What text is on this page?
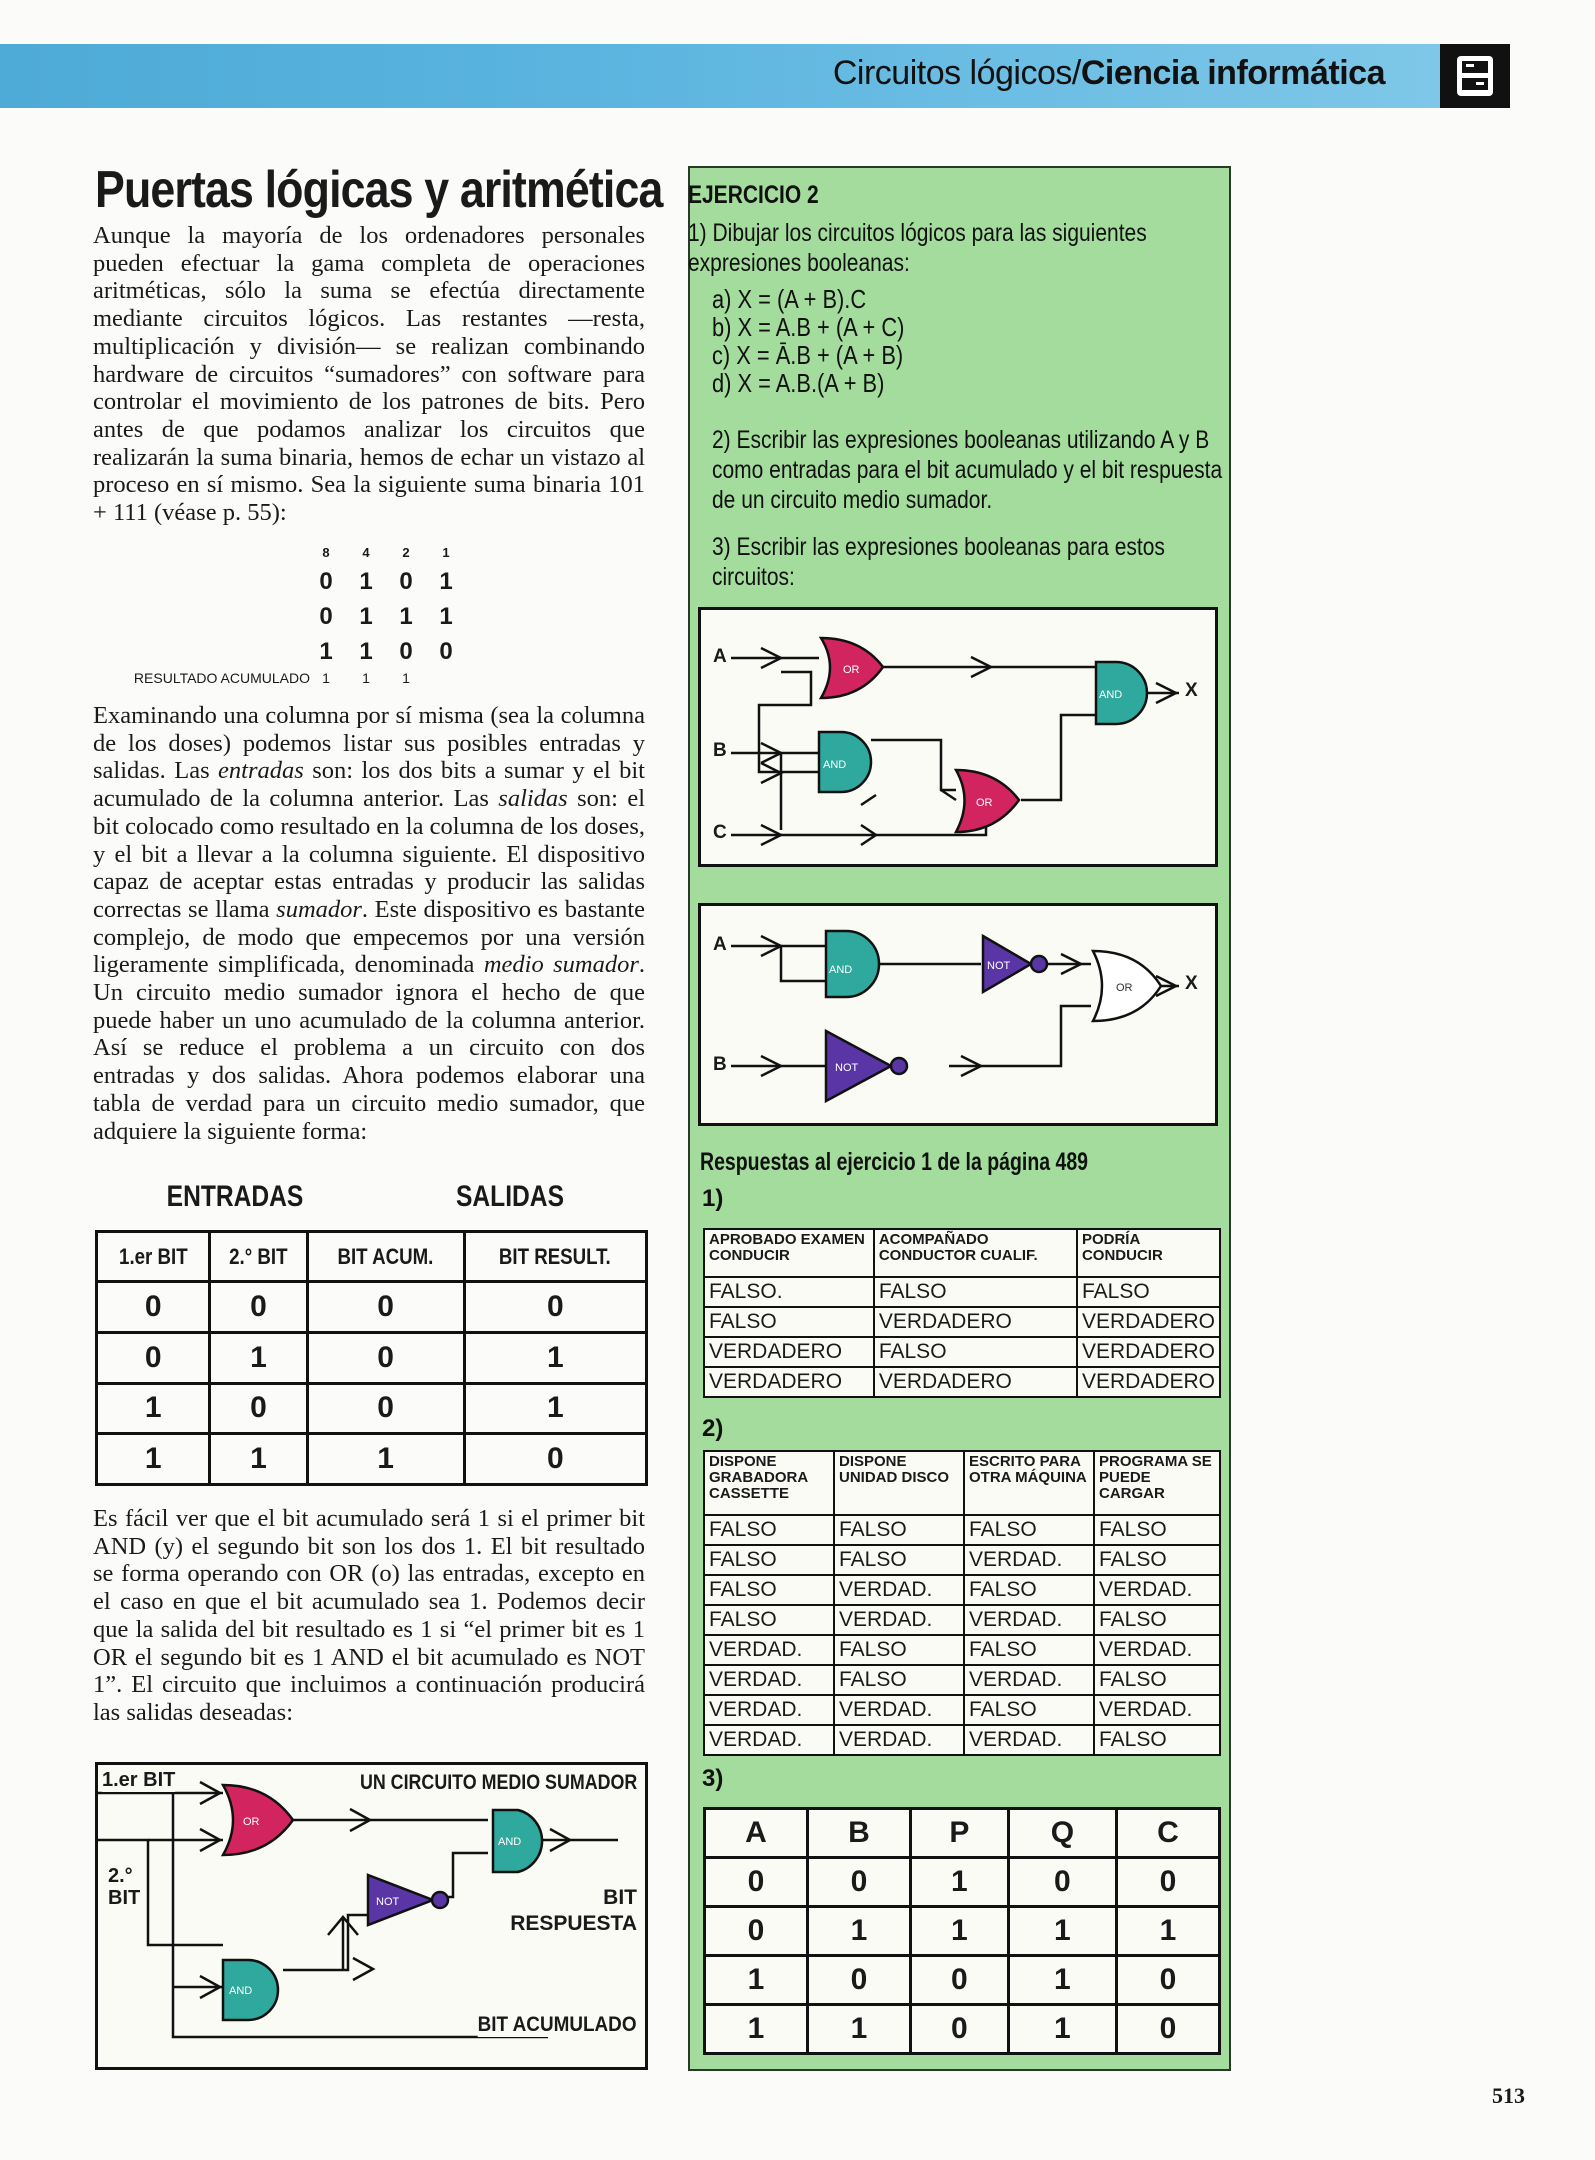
Circuitos lógicos/Ciencia informática
Puertas lógicas y aritmética
Aunque la mayoría de los ordenadores personales pueden efectuar la gama completa de operaciones aritméticas, sólo la suma se efectúa directamente mediante circuitos lógicos. Las restantes —resta, multiplicación y división— se realizan combinando hardware de circuitos “sumadores” con software para controlar el movimiento de los patrones de bits. Pero antes de que podamos analizar los circuitos que realizarán la suma binaria, hemos de echar un vistazo al proceso en sí mismo. Sea la siguiente suma binaria 101 + 111 (véase p. 55):
8	4	2	1
0 1 0 1
0 1 1 1
1 1 0 0
RESULTADO ACUMULADO 1	1	1
Examinando una columna por sí misma (sea la columna de los doses) podemos listar sus posibles entradas y salidas. Las entradas son: los dos bits a sumar y el bit acumulado de la columna anterior. Las salidas son: el bit colocado como resultado en la columna de los doses, y el bit a llevar a la columna siguiente. El dispositivo capaz de aceptar estas entradas y producir las salidas correctas se llama sumador. Este dispositivo es bastante complejo, de modo que empecemos por una versión ligeramente simplificada, denominada medio sumador. Un circuito medio sumador ignora el hecho de que puede haber un uno acumulado de la columna anterior. Así se reduce el problema a un circuito con dos entradas y dos salidas. Ahora podemos elaborar una tabla de verdad para un circuito medio sumador, que adquiere la siguiente forma:
ENTRADAS	SALIDAS
1.er BIT	2.° BIT	BIT ACUM.	BIT RESULT.
0	0	0	0
0	1	0	1
1	0	0	1
1	1	1	0
Es fácil ver que el bit acumulado será 1 si el primer bit AND (y) el segundo bit son los dos 1. El bit resultado se forma operando con OR (o) las entradas, excepto en el caso en que el bit acumulado sea 1. Podemos decir que la salida del bit resultado es 1 si “el primer bit es 1 OR el segundo bit es 1 AND el bit acumulado es NOT 1”. El circuito que incluimos a continuación producirá las salidas deseadas:
OR
AND
NOT
AND
1.er BIT
2.°
BIT
UN CIRCUITO MEDIO SUMADOR
BIT
RESPUESTA
BIT ACUMULADO
EJERCICIO 2
1) Dibujar los circuitos lógicos para las siguientes expresiones booleanas:
a) X = (A + B).C
b) X = A.B + (A + C)
c) X = Ā.B + (A + B)
d) X = A.B.(A + B)
2) Escribir las expresiones booleanas utilizando A y B como entradas para el bit acumulado y el bit respuesta de un circuito medio sumador.
3) Escribir las expresiones booleanas para estos circuitos:
OR
AND
OR
AND
A
B
C
X
AND	NOT
NOT
OR
A
B
X
Respuestas al ejercicio 1 de la página 489
1)
APROBADO EXAMEN CONDUCIR	ACOMPAÑADO CONDUCTOR CUALIF.	PODRÍA CONDUCIR
FALSO.	FALSO	FALSO
FALSO	VERDADERO	VERDADERO
VERDADERO	FALSO	VERDADERO
VERDADERO	VERDADERO	VERDADERO
2)
DISPONE GRABADORA CASSETTE	DISPONE UNIDAD DISCO	ESCRITO PARA OTRA MÁQUINA	PROGRAMA SE PUEDE CARGAR
FALSO	FALSO	FALSO	FALSO
FALSO	FALSO	VERDAD.	FALSO
FALSO	VERDAD.	FALSO	VERDAD.
FALSO	VERDAD.	VERDAD.	FALSO
VERDAD.	FALSO	FALSO	VERDAD.
VERDAD.	FALSO	VERDAD.	FALSO
VERDAD.	VERDAD.	FALSO	VERDAD.
VERDAD.	VERDAD.	VERDAD.	FALSO
3)
A	B	P	Q	C
0	0	1	0	0
0	1	1	1	1
1	0	0	1	0
1	1	0	1	0
513
